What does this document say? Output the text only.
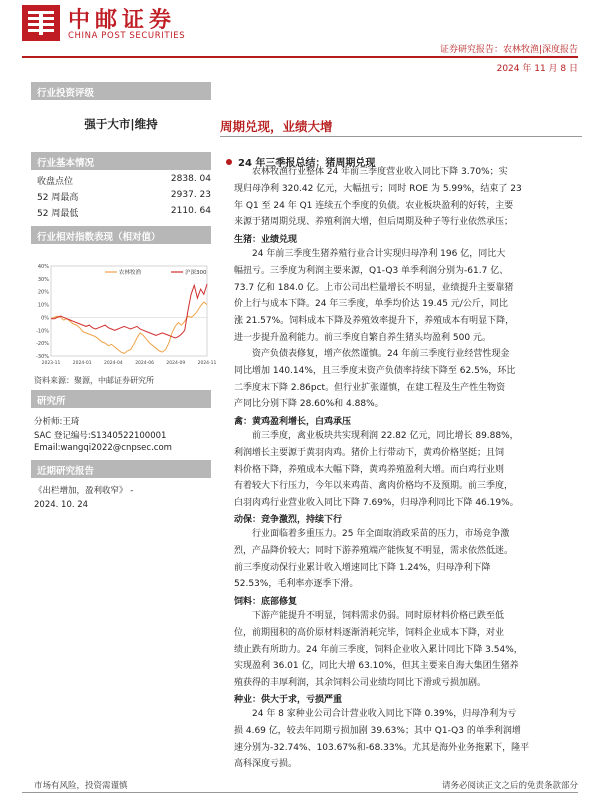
中邮证券
CHINA POST SECURITIES
证券研究报告：农林牧渔|深度报告
2024 年 11 月 8 日
行业投资评级
强于大市|维持
行业基本情况
收盘点位	2838. 04
52 周最高	2937. 23
52 周最低	2110. 64
行业相对指数表现（相对值）
40%
30%
20%
10%
0%
-10%
-20%
-30%
2023-11	2024-01	2024-04	2024-06	2024-09	2024-11
农林牧渔	沪深300
资料来源：聚源，中邮证券研究所
研究所
分析师:王琦
SAC 登记编号:S1340522100001
Email:wangqi2022@cnpsec.com
近期研究报告
《出栏增加，盈利收窄》 -
2024. 10. 24
周期兑现，业绩大增
24 年三季报总结：猪周期兑现
农林牧渔行业整体 24 年前三季度营业收入同比下降 3.70%；实
现归母净利 320.42 亿元，大幅扭亏；同时 ROE 为 5.99%，结束了 23
年 Q1 至 24 年 Q1 连续五个季度的负债。农业板块盈利的好转，主要
来源于猪周期兑现、养殖利润大增，但后周期及种子等行业依然承压；
生猪：业绩兑现
24 年前三季度生猪养殖行业合计实现归母净利 196 亿，同比大
幅扭亏。三季度为利润主要来源，Q1-Q3 单季利润分别为-61.7 亿、
73.7 亿和 184.0 亿。上市公司出栏量增长不明显，业绩提升主要靠猪
价上行与成本下降。24 年三季度，单季均价达 19.45 元/公斤，同比
涨 21.57%。饲料成本下降及养殖效率提升下，养殖成本有明显下降，
进一步提升盈利能力。前三季度自繁自养生猪头均盈利 500 元。
资产负债表修复，增产依然谨慎。24 年前三季度行业经营性现金
同比增加 140.14%，且三季度末资产负债率持续下降至 62.5%，环比
二季度末下降 2.86pct。但行业扩张谨慎，在建工程及生产性生物资
产同比分别下降 28.60%和 4.88%。
禽：黄鸡盈利增长，白鸡承压
前三季度，禽业板块共实现利润 22.82 亿元，同比增长 89.88%，
利润增长主要源于黄羽肉鸡。猪价上行带动下，黄鸡价格坚挺；且饲
料价格下降，养殖成本大幅下降，黄鸡养殖盈利大增。而白鸡行业则
有着较大下行压力，今年以来鸡苗、禽肉价格均不及预期。前三季度，
白羽肉鸡行业营业收入同比下降 7.69%，归母净利同比下降 46.19%。
动保：竞争激烈，持续下行
行业面临着多重压力。25 年全面取消政采苗的压力，市场竞争激
烈，产品降价较大；同时下游养殖端产能恢复不明显，需求依然低迷。
前三季度动保行业累计收入增速同比下降 1.24%，归母净利下降
52.53%，毛利率亦逐季下滑。
饲料：底部修复
下游产能提升不明显，饲料需求仍弱。同时原材料价格已跌至低
位，前期囤积的高价原材料逐渐消耗完毕，饲料企业成本下降，对业
绩止跌有所助力。24 年前三季度，饲料企业收入累计同比下降 3.54%，
实现盈利 36.01 亿，同比大增 63.10%，但其主要来自海大集团生猪养
殖获得的丰厚利润，其余饲料公司业绩均同比下滑或亏损加剧。
种业：供大于求，亏损严重
24 年 8 家种业公司合计营业收入同比下降 0.39%，归母净利为亏
损 4.69 亿，较去年同期亏损加剧 39.63%；其中 Q1-Q3 的单季利润增
速分别为-32.74%、103.67%和-68.33%。尤其是海外业务拖累下，隆平
高科深度亏损。
市场有风险，投资需谨慎	请务必阅读正文之后的免责条款部分
